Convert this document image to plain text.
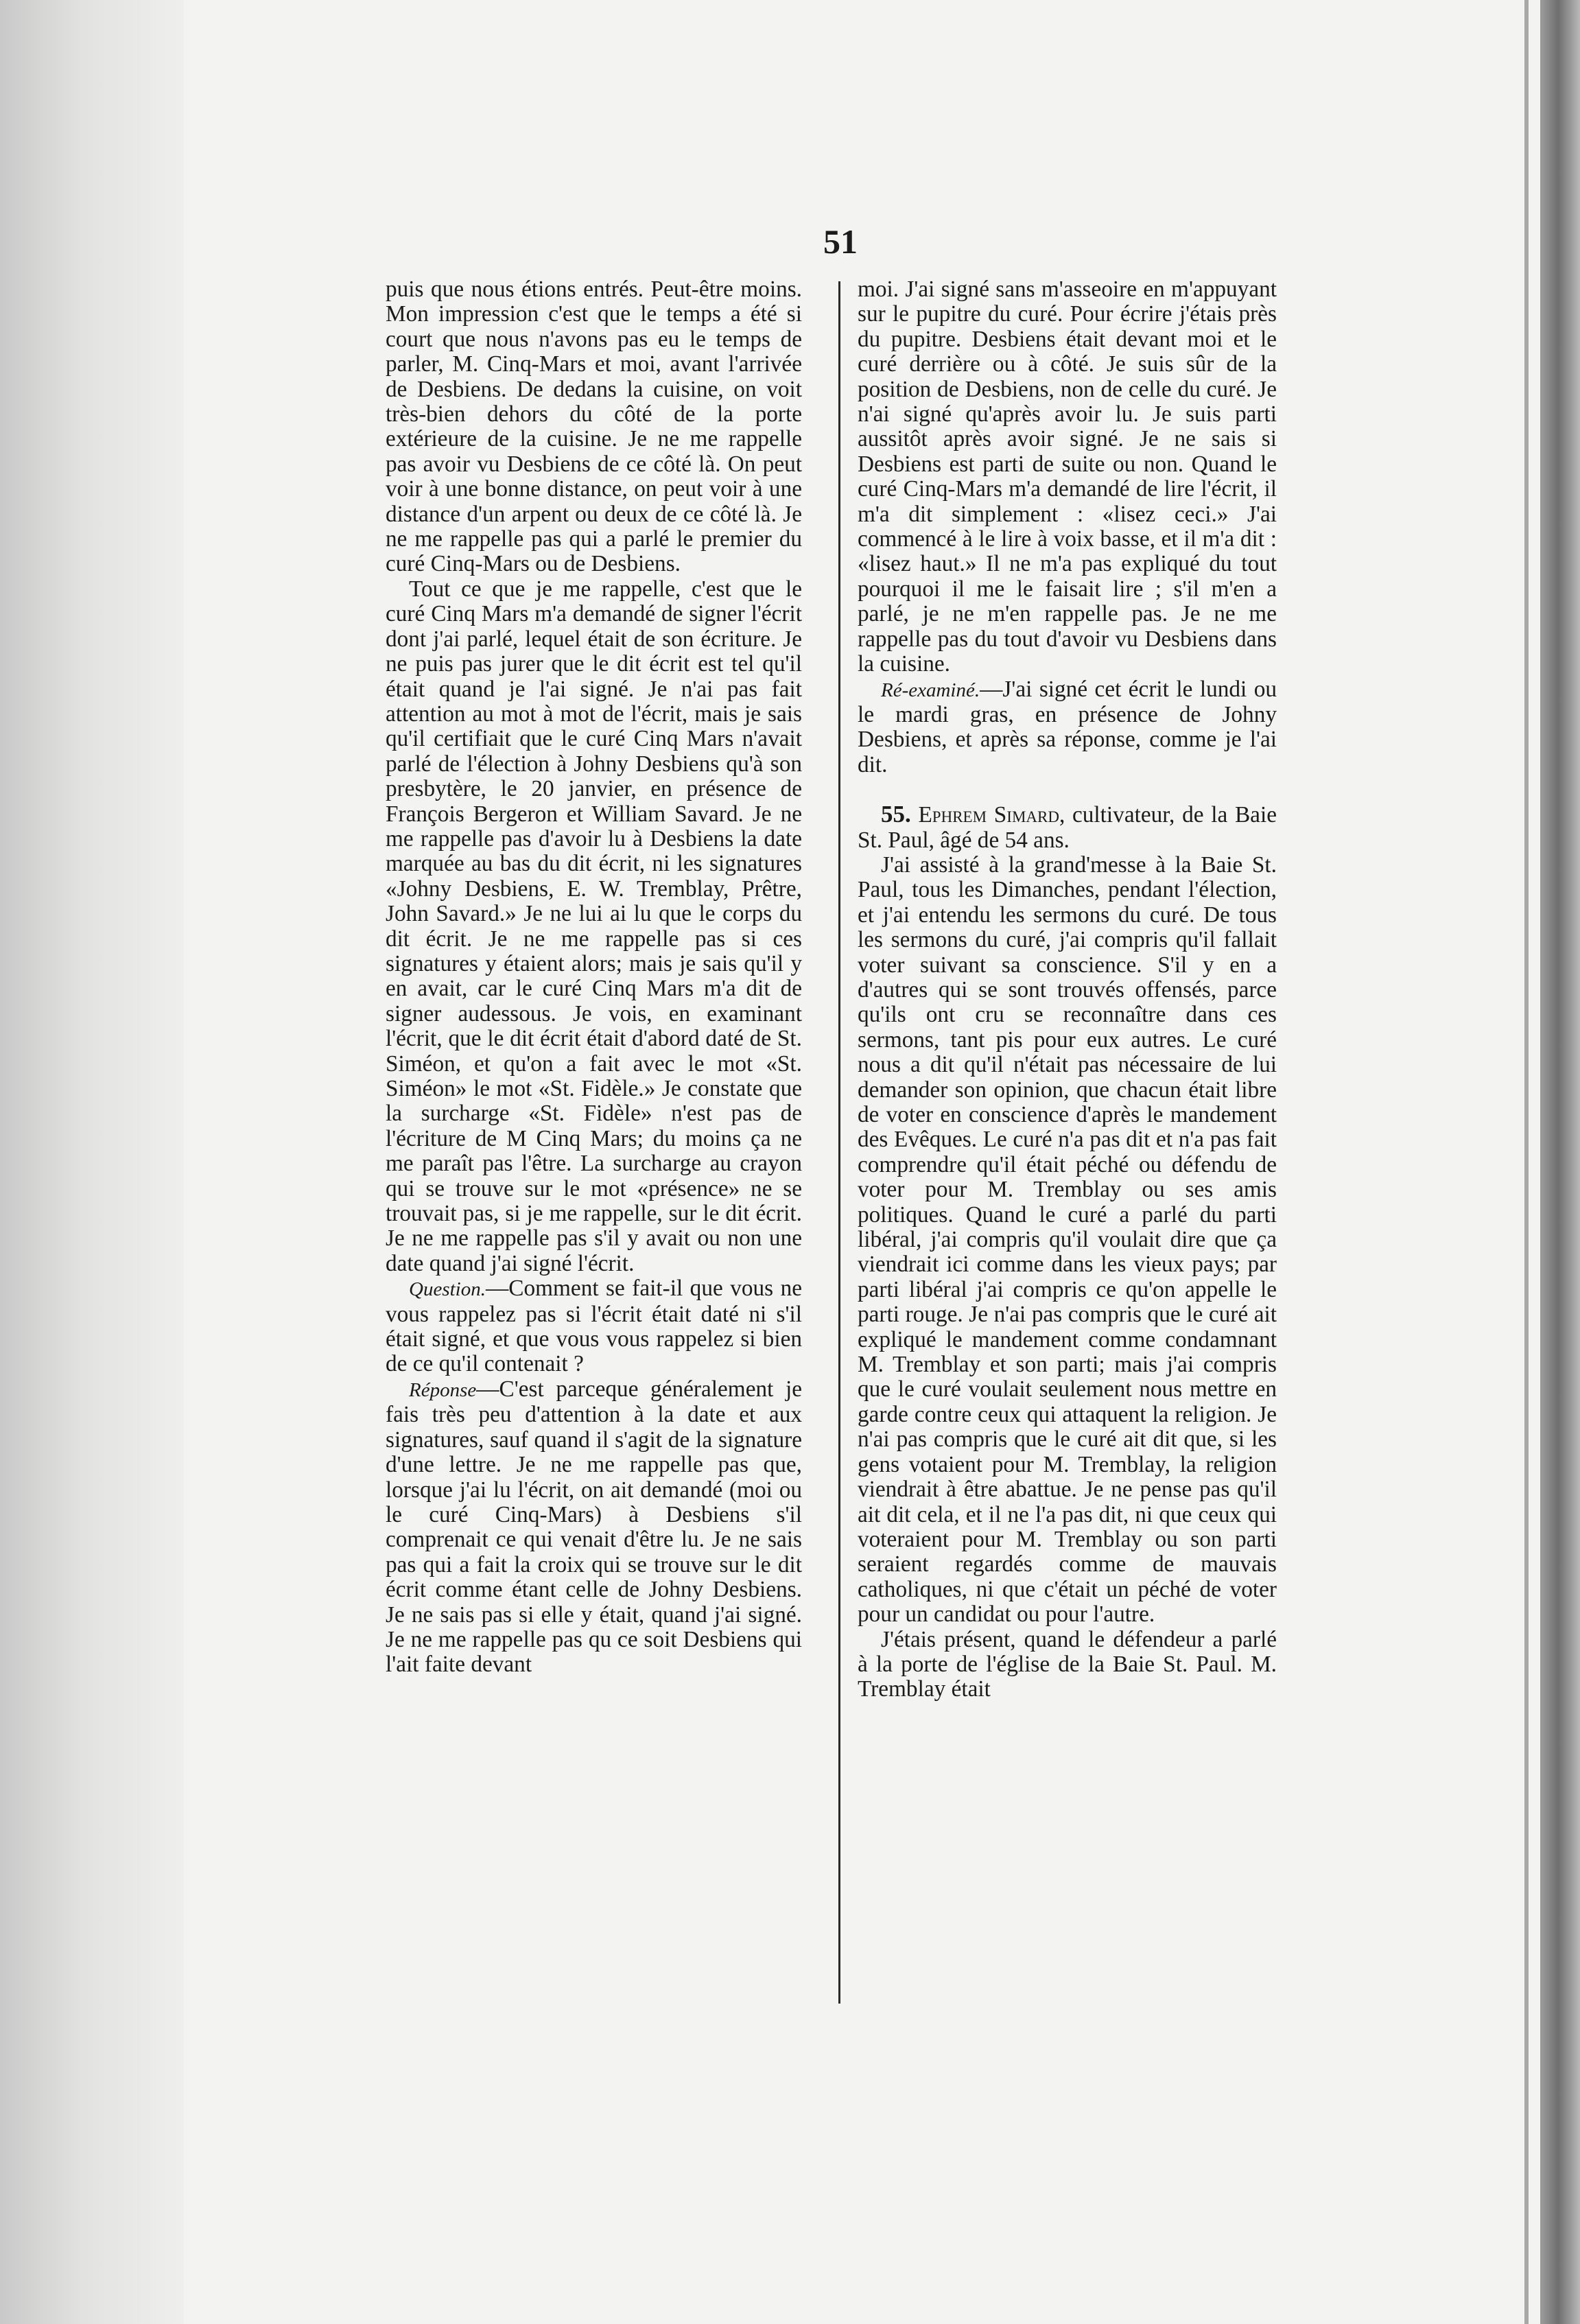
51

puis que nous étions entrés. Peut-être moins. Mon impression c'est que le temps a été si court que nous n'avons pas eu le temps de parler, M. Cinq-Mars et moi, avant l'arrivée de Desbiens. De dedans la cuisine, on voit très-bien dehors du côté de la porte extérieure de la cuisine. Je ne me rappelle pas avoir vu Desbiens de ce côté là. On peut voir à une bonne distance, on peut voir à une distance d'un arpent ou deux de ce côté là. Je ne me rappelle pas qui a parlé le premier du curé Cinq-Mars ou de Desbiens.

Tout ce que je me rappelle, c'est que le curé Cinq Mars m'a demandé de signer l'écrit dont j'ai parlé, lequel était de son écriture. Je ne puis pas jurer que le dit écrit est tel qu'il était quand je l'ai signé. Je n'ai pas fait attention au mot à mot de l'écrit, mais je sais qu'il certifiait que le curé Cinq Mars n'avait parlé de l'élection à Johny Desbiens qu'à son presbytère, le 20 janvier, en présence de François Bergeron et William Savard. Je ne me rappelle pas d'avoir lu à Desbiens la date marquée au bas du dit écrit, ni les signatures «Johny Desbiens, E. W. Tremblay, Prêtre, John Savard.» Je ne lui ai lu que le corps du dit écrit. Je ne me rappelle pas si ces signatures y étaient alors; mais je sais qu'il y en avait, car le curé Cinq Mars m'a dit de signer audessous. Je vois, en examinant l'écrit, que le dit écrit était d'abord daté de St. Siméon, et qu'on a fait avec le mot «St. Siméon» le mot «St. Fidèle.» Je constate que la surcharge «St. Fidèle» n'est pas de l'écriture de M Cinq Mars; du moins ça ne me paraît pas l'être. La surcharge au crayon qui se trouve sur le mot «présence» ne se trouvait pas, si je me rappelle, sur le dit écrit. Je ne me rappelle pas s'il y avait ou non une date quand j'ai signé l'écrit.

Question.—Comment se fait-il que vous ne vous rappelez pas si l'écrit était daté ni s'il était signé, et que vous vous rappelez si bien de ce qu'il contenait ?

Réponse—C'est parceque généralement je fais très peu d'attention à la date et aux signatures, sauf quand il s'agit de la signature d'une lettre. Je ne me rappelle pas que, lorsque j'ai lu l'écrit, on ait demandé (moi ou le curé Cinq-Mars) à Desbiens s'il comprenait ce qui venait d'être lu. Je ne sais pas qui a fait la croix qui se trouve sur le dit écrit comme étant celle de Johny Desbiens. Je ne sais pas si elle y était, quand j'ai signé. Je ne me rappelle pas qu ce soit Desbiens qui l'ait faite devant

moi. J'ai signé sans m'asseoire en m'appuyant sur le pupitre du curé. Pour écrire j'étais près du pupitre. Desbiens était devant moi et le curé derrière ou à côté. Je suis sûr de la position de Desbiens, non de celle du curé. Je n'ai signé qu'après avoir lu. Je suis parti aussitôt après avoir signé. Je ne sais si Desbiens est parti de suite ou non. Quand le curé Cinq-Mars m'a demandé de lire l'écrit, il m'a dit simplement : «lisez ceci.» J'ai commencé à le lire à voix basse, et il m'a dit : «lisez haut.» Il ne m'a pas expliqué du tout pourquoi il me le faisait lire ; s'il m'en a parlé, je ne m'en rappelle pas. Je ne me rappelle pas du tout d'avoir vu Desbiens dans la cuisine.

Ré-examiné.—J'ai signé cet écrit le lundi ou le mardi gras, en présence de Johny Desbiens, et après sa réponse, comme je l'ai dit.

55. Ephrem Simard, cultivateur, de la Baie St. Paul, âgé de 54 ans.

J'ai assisté à la grand'messe à la Baie St. Paul, tous les Dimanches, pendant l'élection, et j'ai entendu les sermons du curé. De tous les sermons du curé, j'ai compris qu'il fallait voter suivant sa conscience. S'il y en a d'autres qui se sont trouvés offensés, parce qu'ils ont cru se reconnaître dans ces sermons, tant pis pour eux autres. Le curé nous a dit qu'il n'était pas nécessaire de lui demander son opinion, que chacun était libre de voter en conscience d'après le mandement des Evêques. Le curé n'a pas dit et n'a pas fait comprendre qu'il était péché ou défendu de voter pour M. Tremblay ou ses amis politiques. Quand le curé a parlé du parti libéral, j'ai compris qu'il voulait dire que ça viendrait ici comme dans les vieux pays; par parti libéral j'ai compris ce qu'on appelle le parti rouge. Je n'ai pas compris que le curé ait expliqué le mandement comme condamnant M. Tremblay et son parti; mais j'ai compris que le curé voulait seulement nous mettre en garde contre ceux qui attaquent la religion. Je n'ai pas compris que le curé ait dit que, si les gens votaient pour M. Tremblay, la religion viendrait à être abattue. Je ne pense pas qu'il ait dit cela, et il ne l'a pas dit, ni que ceux qui voteraient pour M. Tremblay ou son parti seraient regardés comme de mauvais catholiques, ni que c'était un péché de voter pour un candidat ou pour l'autre.

J'étais présent, quand le défendeur a parlé à la porte de l'église de la Baie St. Paul. M. Tremblay était
